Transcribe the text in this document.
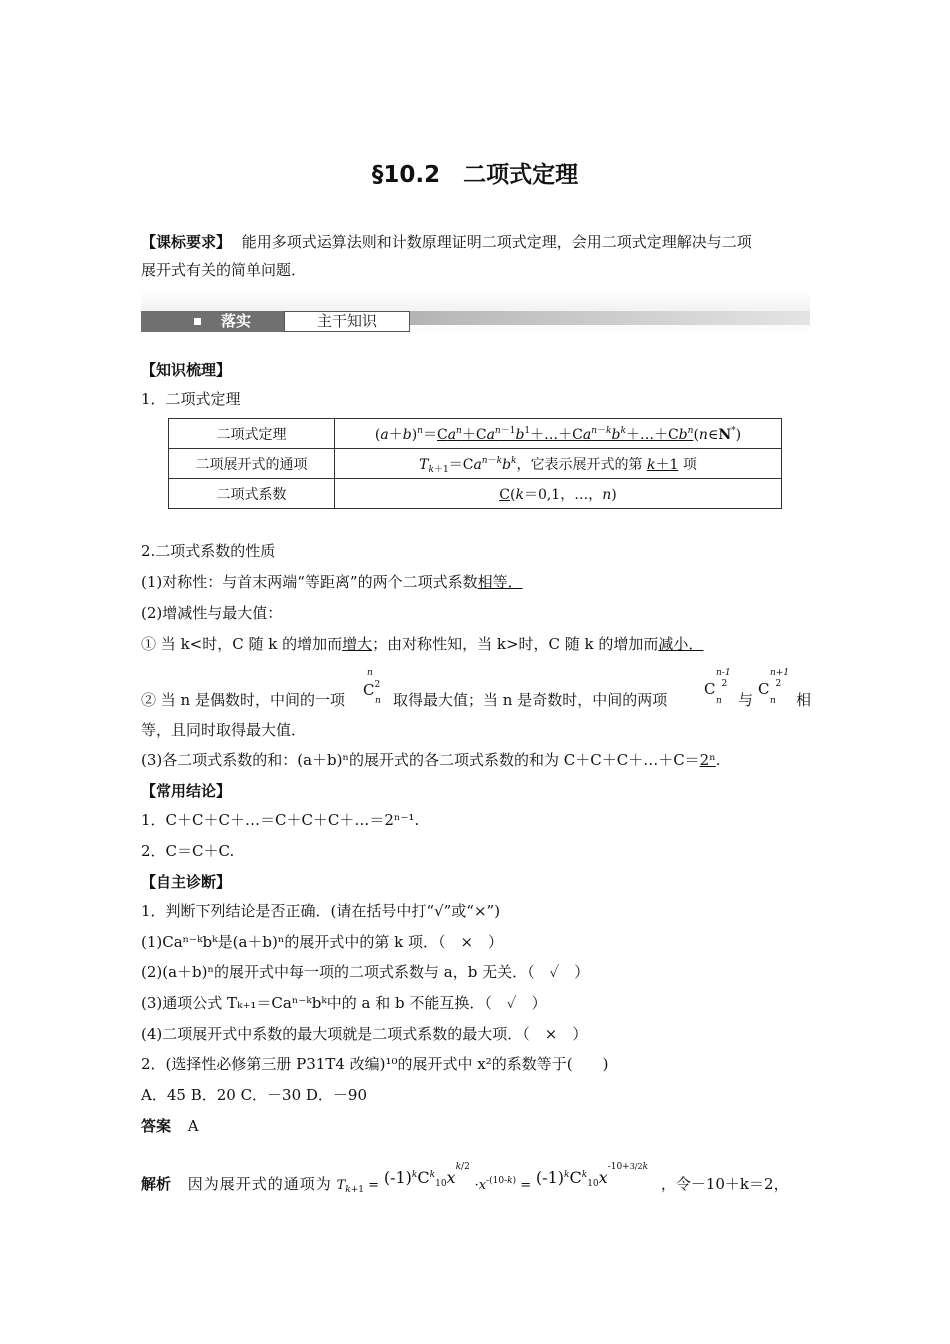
§10.2　二项式定理
【课标要求】 能用多项式运算法则和计数原理证明二项式定理，会用二项式定理解决与二项
展开式有关的简单问题．
落实	主干知识
【知识梳理】
1．二项式定理
二项式定理	$(a+b)^n=Ca^n+Ca^{n-1}b^1+\dots+Ca^{n-k}b^k+\dots+Cb^n(n\in N^*)$
二项展开式的通项	$T_{k+1}=Ca^{n-k}b^k$，它表示展开式的第 k＋1 项
二项式系数	C(k＝0,1，…，n)
2.二项式系数的性质
(1)对称性：与首末两端“等距离”的两个二项式系数相等．
(2)增减性与最大值：
① 当 k<时，C 随 k 的增加而增大；由对称性知，当 k>时，C 随 k 的增加而减小．
② 当 n 是偶数时，中间的一项
n
$C^2$
n 取得最大值；当 n 是奇数时，中间的两项
n-1
C $^2$
n 与
n+1
C $^2$
n 相
等，且同时取得最大值．
(3)各二项式系数的和：(a＋b)ⁿ的展开式的各二项式系数的和为 C＋C＋C＋…＋C＝2ⁿ.
【常用结论】
1．C＋C＋C＋…＝C＋C＋C＋…＝2ⁿ⁻¹.
2．C＝C＋C.
【自主诊断】
1．判断下列结论是否正确．(请在括号中打“√”或“×”)
(1)Caⁿ⁻ᵏbᵏ是(a＋b)ⁿ的展开式中的第 k 项．（　×　）
(2)(a＋b)ⁿ的展开式中每一项的二项式系数与 a，b 无关．（　✓　）
(3)通项公式 Tₖ₊₁＝Caⁿ⁻ᵏbᵏ中的 a 和 b 不能互换．（　✓　）
(4)二项展开式中系数的最大项就是二项式系数的最大项．（　×　）
2．(选择性必修第三册 P31T4 改编)¹⁰的展开式中 x²的系数等于(　　)
A．45 B．20 C．－30 D．－90
答案 A
解析 因为展开式的通项为 $T_{k+1} = (-1)^kC^k_{10}x^{k/2} \cdot x^{-(10-k)} = (-1)^kC^k_{10}x^{-10+3/2k}$ ，令－10＋k＝2，
